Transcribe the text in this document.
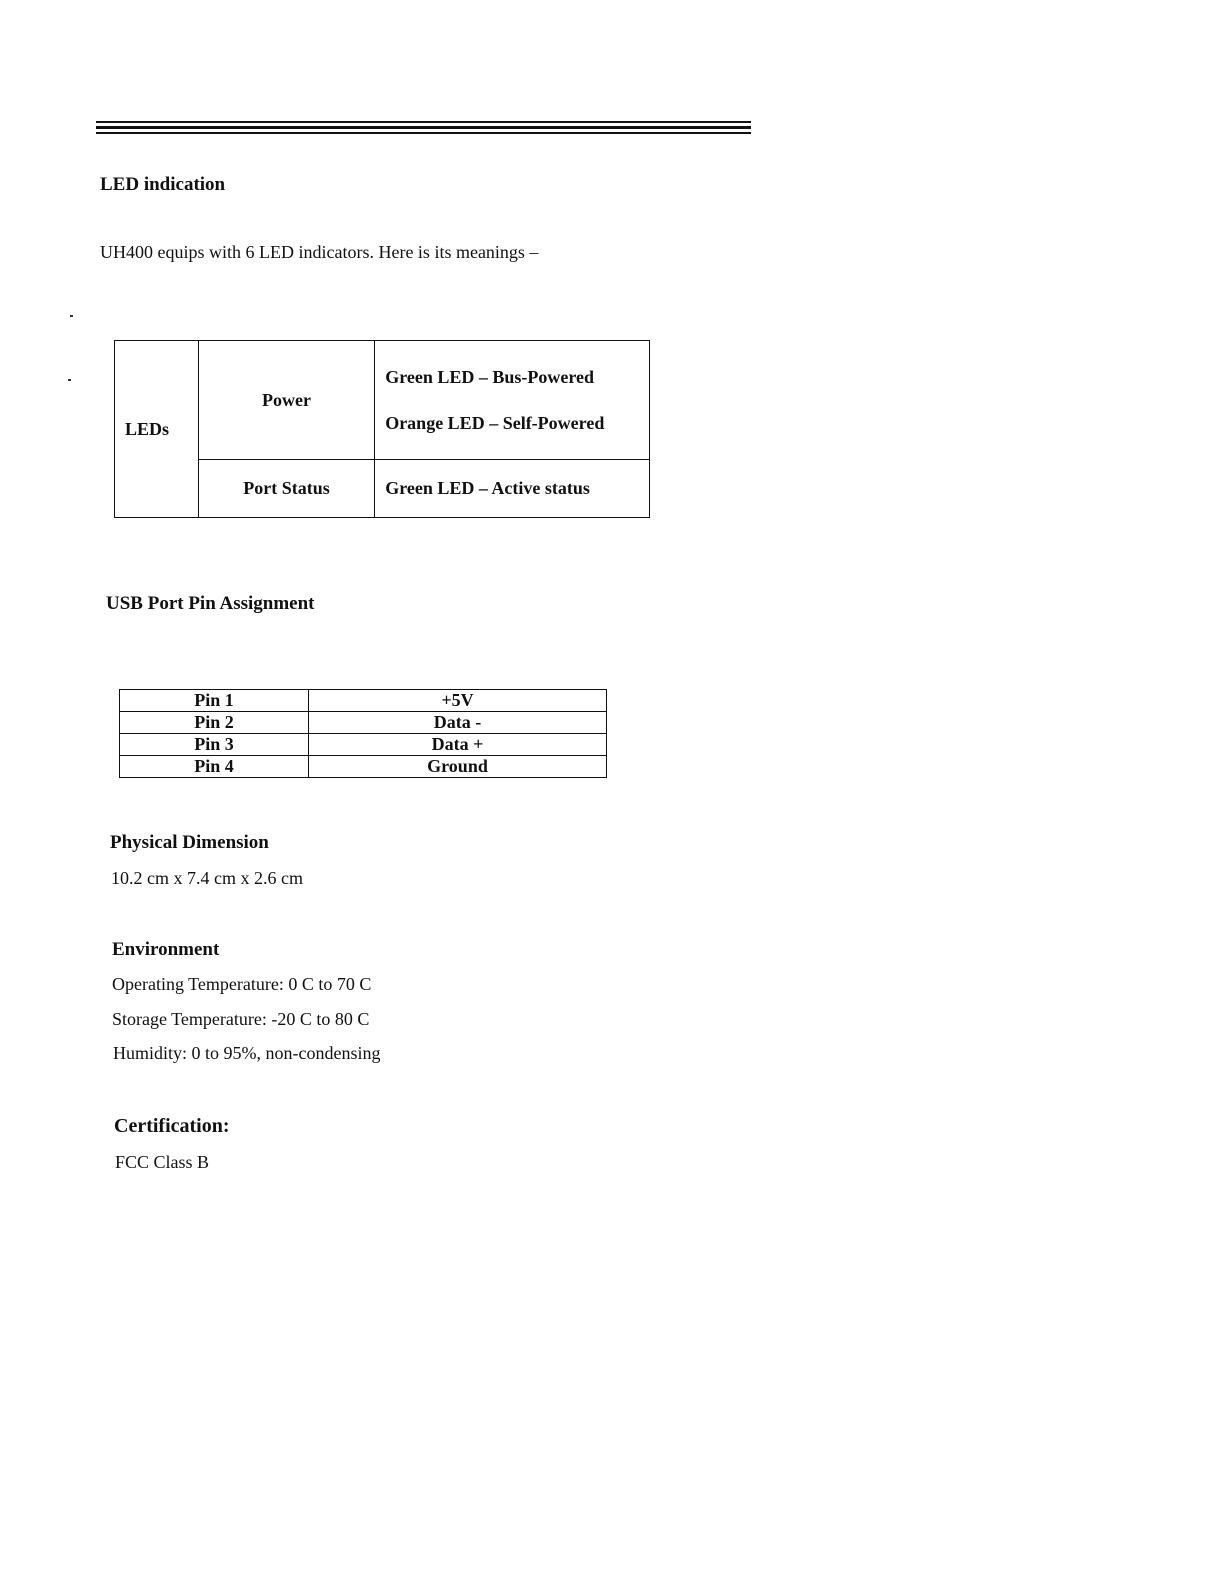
LED indication

UH400 equips with 6 LED indicators. Here is its meanings –

LEDs	Power	Green LED – Bus-Powered
Orange LED – Self-Powered

	Port Status	Green LED – Active status
USB Port Pin Assignment
Pin 1	+5V
Pin 2	Data -
Pin 3	Data +
Pin 4	Ground
Physical Dimension

10.2 cm x 7.4 cm x 2.6 cm

Environment

Operating Temperature: 0 C to 70 C

Storage Temperature: -20 C to 80 C

Humidity: 0 to 95%, non-condensing

Certification:

FCC Class B
